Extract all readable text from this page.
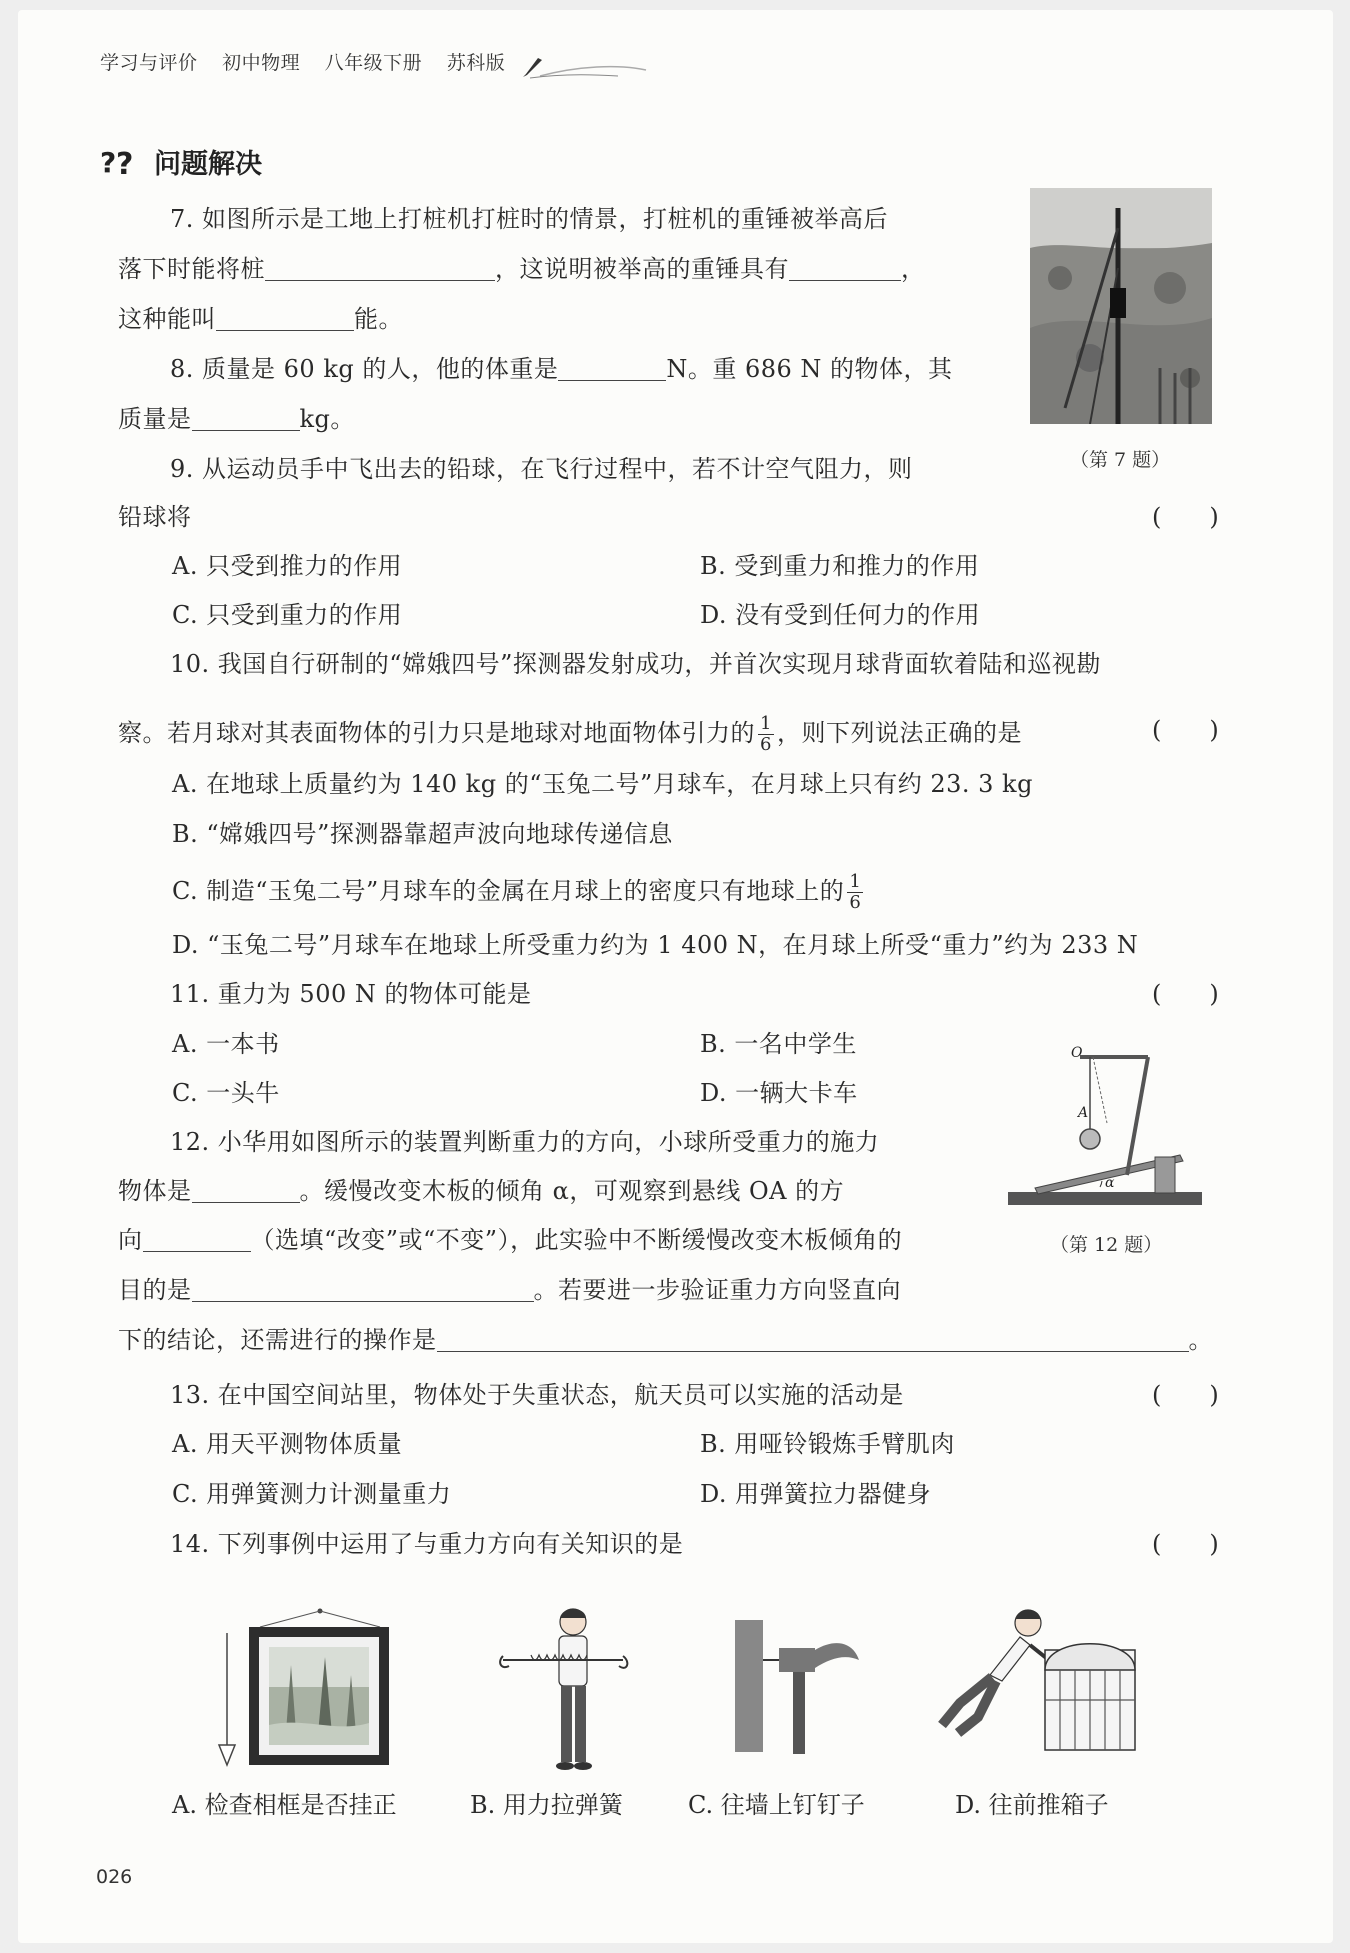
学习与评价 初中物理 八年级下册 苏科版
? ? 问题解决
7. 如图所示是工地上打桩机打桩时的情景，打桩机的重锤被举高后
落下时能将桩	，这说明被举高的重锤具有	，
这种能叫	能。
（第 7 题）
8. 质量是 60 kg 的人，他的体重是	N。重 686 N 的物体，其
质量是	kg。
9. 从运动员手中飞出去的铅球，在飞行过程中，若不计空气阻力，则
铅球将	(　　)
A. 只受到推力的作用	B. 受到重力和推力的作用
C. 只受到重力的作用	D. 没有受到任何力的作用
10. 我国自行研制的“嫦娥四号”探测器发射成功，并首次实现月球背面软着陆和巡视勘
察。若月球对其表面物体的引力只是地球对地面物体引力的 $\frac{1}{6}$ ，则下列说法正确的是	(　　)
A. 在地球上质量约为 140 kg 的“玉兔二号”月球车，在月球上只有约 23. 3 kg
B. “嫦娥四号”探测器靠超声波向地球传递信息
C. 制造“玉兔二号”月球车的金属在月球上的密度只有地球上的 $\frac{1}{6}$
D. “玉兔二号”月球车在地球上所受重力约为 1 400 N，在月球上所受“重力”约为 233 N
11. 重力为 500 N 的物体可能是	(　　)
A. 一本书	B. 一名中学生
C. 一头牛	D. 一辆大卡车
12. 小华用如图所示的装置判断重力的方向，小球所受重力的施力
物体是	。缓慢改变木板的倾角 α，可观察到悬线 OA 的方
向	（选填“改变”或“不变”），此实验中不断缓慢改变木板倾角的
目的是	。若要进一步验证重力方向竖直向
下的结论，还需进行的操作是	。
O
A
α
（第 12 题）
13. 在中国空间站里，物体处于失重状态，航天员可以实施的活动是	(　　)
A. 用天平测物体质量	B. 用哑铃锻炼手臂肌肉
C. 用弹簧测力计测量重力	D. 用弹簧拉力器健身
14. 下列事例中运用了与重力方向有关知识的是	(　　)
A. 检查相框是否挂正	B. 用力拉弹簧	C. 往墙上钉钉子	D. 往前推箱子
026
